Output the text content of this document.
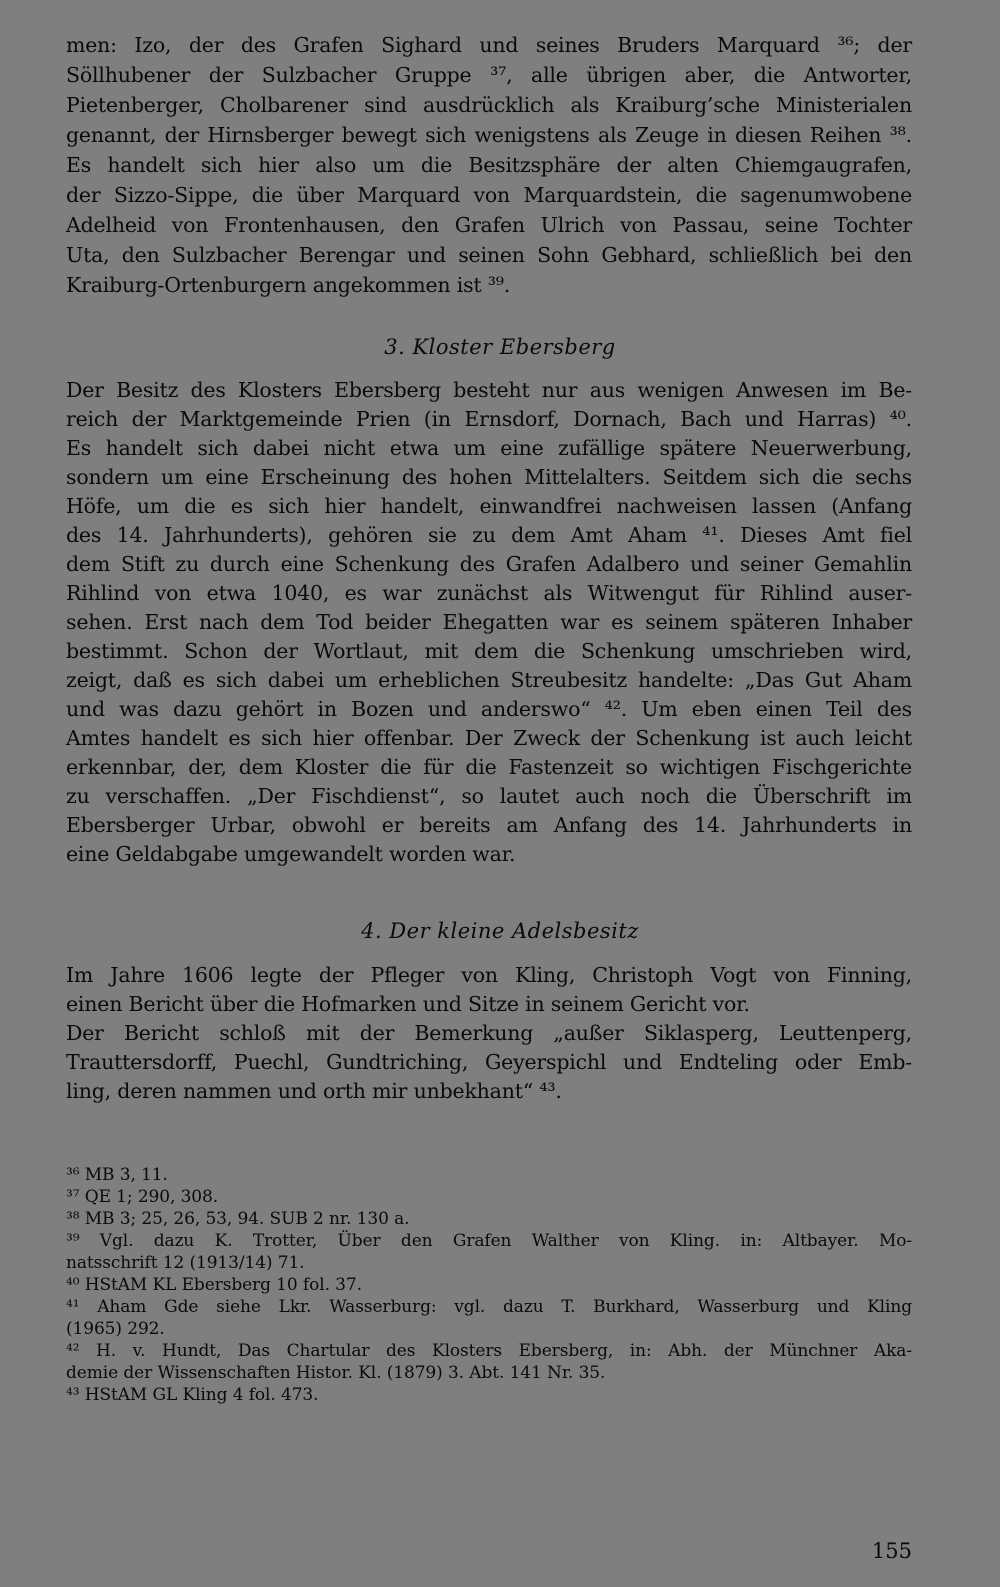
men: Izo, der des Grafen Sighard und seines Bruders Marquard ³⁶; der
Söllhubener der Sulzbacher Gruppe ³⁷, alle übrigen aber, die Antworter,
Pietenberger, Cholbarener sind ausdrücklich als Kraiburg’sche Ministerialen
genannt, der Hirnsberger bewegt sich wenigstens als Zeuge in diesen Reihen ³⁸.
Es handelt sich hier also um die Besitzsphäre der alten Chiemgaugrafen,
der Sizzo-Sippe, die über Marquard von Marquardstein, die sagenumwobene
Adelheid von Frontenhausen, den Grafen Ulrich von Passau, seine Tochter
Uta, den Sulzbacher Berengar und seinen Sohn Gebhard, schließlich bei den
Kraiburg-Ortenburgern angekommen ist ³⁹.
3. Kloster Ebersberg
Der Besitz des Klosters Ebersberg besteht nur aus wenigen Anwesen im Be-
reich der Marktgemeinde Prien (in Ernsdorf, Dornach, Bach und Harras) ⁴⁰.
Es handelt sich dabei nicht etwa um eine zufällige spätere Neuerwerbung,
sondern um eine Erscheinung des hohen Mittelalters. Seitdem sich die sechs
Höfe, um die es sich hier handelt, einwandfrei nachweisen lassen (Anfang
des 14. Jahrhunderts), gehören sie zu dem Amt Aham ⁴¹. Dieses Amt fiel
dem Stift zu durch eine Schenkung des Grafen Adalbero und seiner Gemahlin
Rihlind von etwa 1040, es war zunächst als Witwengut für Rihlind auser-
sehen. Erst nach dem Tod beider Ehegatten war es seinem späteren Inhaber
bestimmt. Schon der Wortlaut, mit dem die Schenkung umschrieben wird,
zeigt, daß es sich dabei um erheblichen Streubesitz handelte: „Das Gut Aham
und was dazu gehört in Bozen und anderswo“ ⁴². Um eben einen Teil des
Amtes handelt es sich hier offenbar. Der Zweck der Schenkung ist auch leicht
erkennbar, der, dem Kloster die für die Fastenzeit so wichtigen Fischgerichte
zu verschaffen. „Der Fischdienst“, so lautet auch noch die Überschrift im
Ebersberger Urbar, obwohl er bereits am Anfang des 14. Jahrhunderts in
eine Geldabgabe umgewandelt worden war.
4. Der kleine Adelsbesitz
Im Jahre 1606 legte der Pfleger von Kling, Christoph Vogt von Finning,
einen Bericht über die Hofmarken und Sitze in seinem Gericht vor.
Der Bericht schloß mit der Bemerkung „außer Siklasperg, Leuttenperg,
Trauttersdorff, Puechl, Gundtriching, Geyerspichl und Endteling oder Emb-
ling, deren nammen und orth mir unbekhant“ ⁴³.
³⁶ MB 3, 11.
³⁷ QE 1; 290, 308.
³⁸ MB 3; 25, 26, 53, 94. SUB 2 nr. 130 a.
³⁹ Vgl. dazu K. Trotter, Über den Grafen Walther von Kling. in: Altbayer. Mo-
natsschrift 12 (1913/14) 71.
⁴⁰ HStAM KL Ebersberg 10 fol. 37.
⁴¹ Aham Gde siehe Lkr. Wasserburg: vgl. dazu T. Burkhard, Wasserburg und Kling
(1965) 292.
⁴² H. v. Hundt, Das Chartular des Klosters Ebersberg, in: Abh. der Münchner Aka-
demie der Wissenschaften Histor. Kl. (1879) 3. Abt. 141 Nr. 35.
⁴³ HStAM GL Kling 4 fol. 473.
155
